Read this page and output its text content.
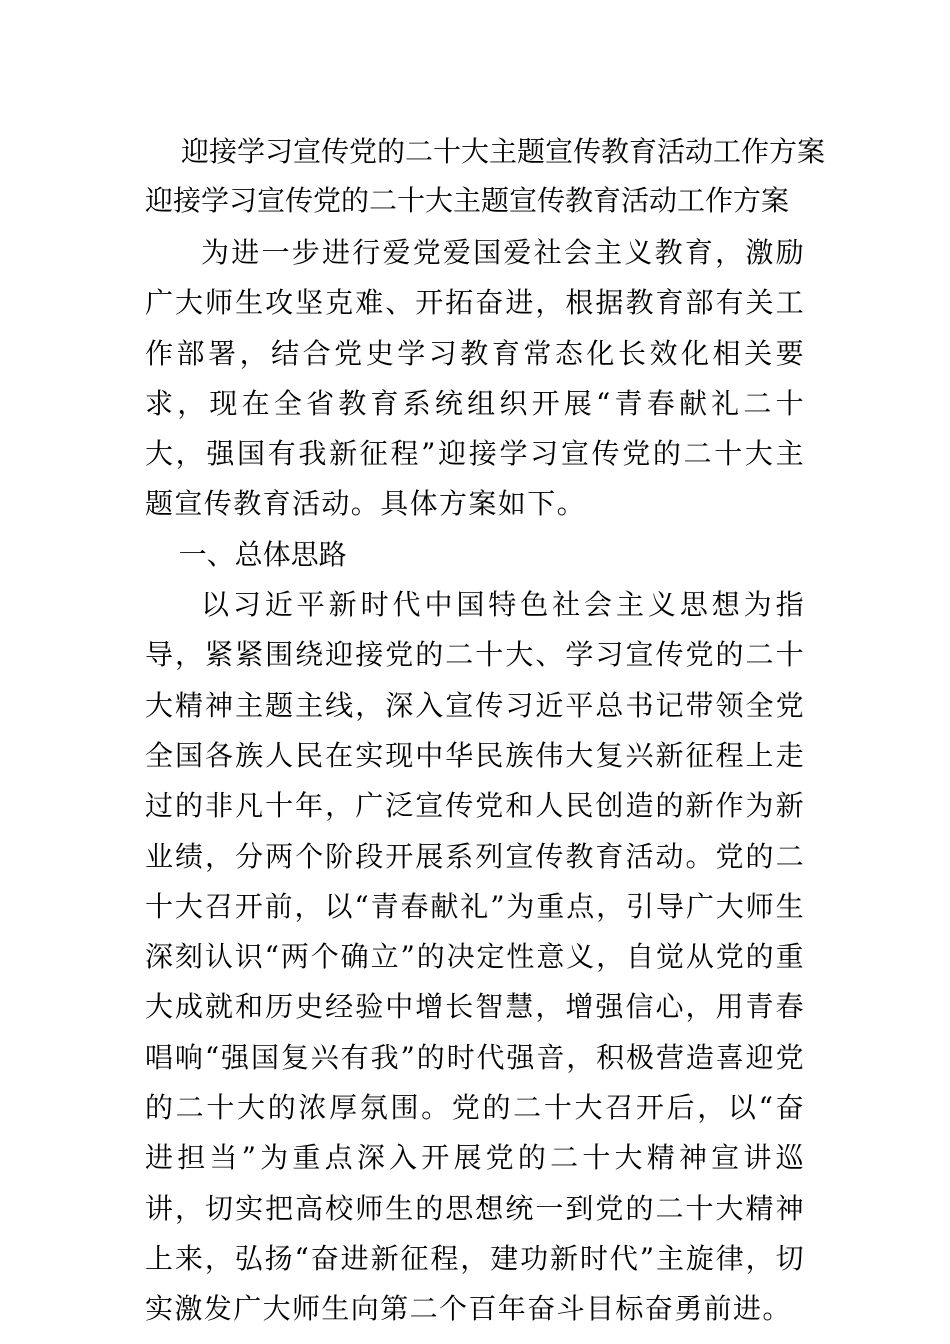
迎接学习宣传党的二十大主题宣传教育活动工作方案
迎接学习宣传党的二十大主题宣传教育活动工作方案

为进一步进行爱党爱国爱社会主义教育，激励广大师生攻坚克难、开拓奋进，根据教育部有关工作部署，结合党史学习教育常态化长效化相关要求，现在全省教育系统组织开展“青春献礼二十大，强国有我新征程”迎接学习宣传党的二十大主题宣传教育活动。具体方案如下。

一、总体思路

以习近平新时代中国特色社会主义思想为指导，紧紧围绕迎接党的二十大、学习宣传党的二十大精神主题主线，深入宣传习近平总书记带领全党全国各族人民在实现中华民族伟大复兴新征程上走过的非凡十年，广泛宣传党和人民创造的新作为新业绩，分两个阶段开展系列宣传教育活动。党的二十大召开前，以“青春献礼”为重点，引导广大师生深刻认识“两个确立”的决定性意义，自觉从党的重大成就和历史经验中增长智慧，增强信心，用青春唱响“强国复兴有我”的时代强音，积极营造喜迎党的二十大的浓厚氛围。党的二十大召开后，以“奋进担当”为重点深入开展党的二十大精神宣讲巡讲，切实把高校师生的思想统一到党的二十大精神上来，弘扬“奋进新征程，建功新时代”主旋律，切实激发广大师生向第二个百年奋斗目标奋勇前进。
